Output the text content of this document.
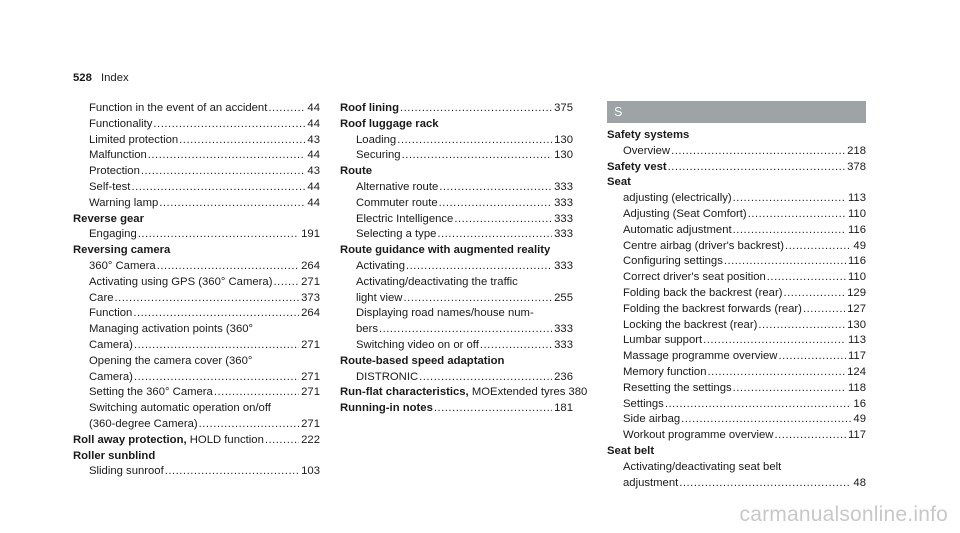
528 Index
Function in the event of an accident .....	44
Functionality .....	44
Limited protection .....	43
Malfunction .....	44
Protection .....	43
Self-test .....	44
Warning lamp .....	44
Reverse gear
Engaging .....	191
Reversing camera
360° Camera .....	264
Activating using GPS (360° Camera) .....	271
Care .....	373
Function .....	264
Managing activation points (360°
Camera) .....	271
Opening the camera cover (360°
Camera) .....	271
Setting the 360° Camera .....	271
Switching automatic operation on/off
(360-degree Camera) .....	271
Roll away protection, HOLD function .....	222
Roller sunblind
Sliding sunroof .....	103
Roof lining .....	375
Roof luggage rack
Loading .....	130
Securing .....	130
Route
Alternative route .....	333
Commuter route .....	333
Electric Intelligence .....	333
Selecting a type .....	333
Route guidance with augmented reality
Activating .....	333
Activating/deactivating the traffic
light view .....	255
Displaying road names/house num-
bers .....	333
Switching video on or off .....	333
Route-based speed adaptation
DISTRONIC .....	236
Run-flat characteristics, MOExtended tyres 380
Running-in notes .....	181
S
Safety systems
Overview .....	218
Safety vest .....	378
Seat
adjusting (electrically) .....	113
Adjusting (Seat Comfort) .....	110
Automatic adjustment .....	116
Centre airbag (driver's backrest) .....	49
Configuring settings .....	116
Correct driver's seat position .....	110
Folding back the backrest (rear) .....	129
Folding the backrest forwards (rear) .....	127
Locking the backrest (rear) .....	130
Lumbar support .....	113
Massage programme overview .....	117
Memory function .....	124
Resetting the settings .....	118
Settings .....	16
Side airbag .....	49
Workout programme overview .....	117
Seat belt
Activating/deactivating seat belt
adjustment .....	48
carmanualsonline.info
